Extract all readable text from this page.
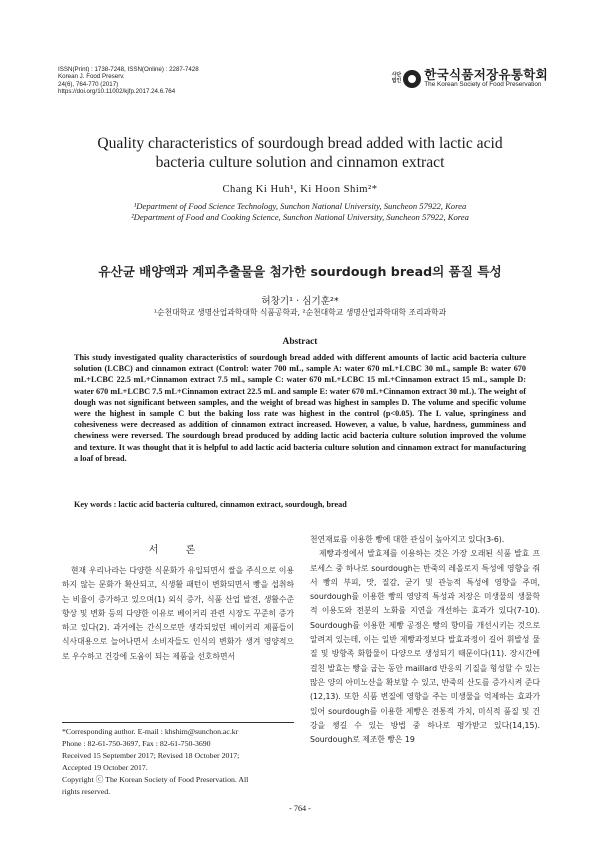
ISSN(Print) : 1738-7248, ISSN(Online) : 2287-7428
Korean J. Food Preserv.
24(6), 764-770 (2017)
https://doi.org/10.11002/kjfp.2017.24.6.764
사단
법인 한국식품저장유통학회
The Korean Society of Food Preservation
Quality characteristics of sourdough bread added with lactic acid
bacteria culture solution and cinnamon extract
Chang Ki Huh¹, Ki Hoon Shim²*
¹Department of Food Science Technology, Sunchon National University, Suncheon 57922, Korea
²Department of Food and Cooking Science, Sunchon National University, Suncheon 57922, Korea
유산균 배양액과 계피추출물을 첨가한 sourdough bread의 품질 특성
허창기¹ · 심기훈²*
¹순천대학교 생명산업과학대학 식품공학과, ²순천대학교 생명산업과학대학 조리과학과
Abstract
This study investigated quality characteristics of sourdough bread added with different amounts of lactic acid bacteria culture solution (LCBC) and cinnamon extract (Control: water 700 mL, sample A: water 670 mL+LCBC 30 mL, sample B: water 670 mL+LCBC 22.5 mL+Cinnamon extract 7.5 mL, sample C: water 670 mL+LCBC 15 mL+Cinnamon extract 15 mL, sample D: water 670 mL+LCBC 7.5 mL+Cinnamon extract 22.5 mL and sample E: water 670 mL+Cinnamon extract 30 mL). The weight of dough was not significant between samples, and the weight of bread was highest in samples D. The volume and specific volume were the highest in sample C but the baking loss rate was highest in the control (p<0.05). The L value, springiness and cohesiveness were decreased as addition of cinnamon extract increased. However, a value, b value, hardness, gumminess and chewiness were reversed. The sourdough bread produced by adding lactic acid bacteria culture solution improved the volume and texture. It was thought that it is helpful to add lactic acid bacteria culture solution and cinnamon extract for manufacturing a loaf of bread.
Key words : lactic acid bacteria cultured, cinnamon extract, sourdough, bread
서 론

현재 우리나라는 다양한 식문화가 유입되면서 쌀을 주식으로 이용하지 않는 문화가 확산되고, 식생활 패턴이 변화되면서 빵을 섭취하는 비율이 증가하고 있으며(1) 외식 증가, 식품 산업 발전, 생활수준 향상 및 변화 등의 다양한 이유로 베이커리 관련 시장도 꾸준히 증가하고 있다(2). 과거에는 간식으로만 생각되었던 베이커리 제품들이 식사대용으로 늘어나면서 소비자들도 인식의 변화가 생겨 영양적으로 우수하고 건강에 도움이 되는 제품을 선호하면서

천연재료를 이용한 빵에 대한 관심이 높아지고 있다(3-6).

제빵과정에서 발효제를 이용하는 것은 가장 오래된 식품 발효 프로세스 중 하나로 sourdough는 반죽의 레올로지 특성에 영향을 줘서 빵의 부피, 맛, 질감, 굳기 및 관능적 특성에 영향을 주며, sourdough를 이용한 빵의 영양적 특성과 저장은 미생물의 생물학적 이용도와 전분의 노화를 지연을 개선하는 효과가 있다(7-10). Sourdough를 이용한 제빵 공정은 빵의 향미를 개선시키는 것으로 알려져 있는데, 이는 일반 제빵과정보다 발효과정이 길어 휘발성 물질 및 방향족 화합물이 다양으로 생성되기 때문이다(11). 장시간에 걸친 발효는 빵을 굽는 동안 maillard 반응의 기질을 형성할 수 있는 많은 양의 아미노산을 확보할 수 있고, 반죽의 산도를 증가시켜 준다(12,13). 또한 식품 변질에 영향을 주는 미생물을 억제하는 효과가 있어 sourdough를 이용한 제빵은 전통적 가치, 미식적 품질 및 건강을 챙길 수 있는 방법 중 하나로 평가받고 있다(14,15). Sourdough로 제조한 빵은 19

*Corresponding author. E-mail : khshim@sunchon.ac.kr
Phone : 82-61-750-3697, Fax : 82-61-750-3690
Received 15 September 2017; Revised 18 October 2017;
Accepted 19 October 2017.
Copyright ⓒ The Korean Society of Food Preservation. All
rights reserved.
- 764 -
